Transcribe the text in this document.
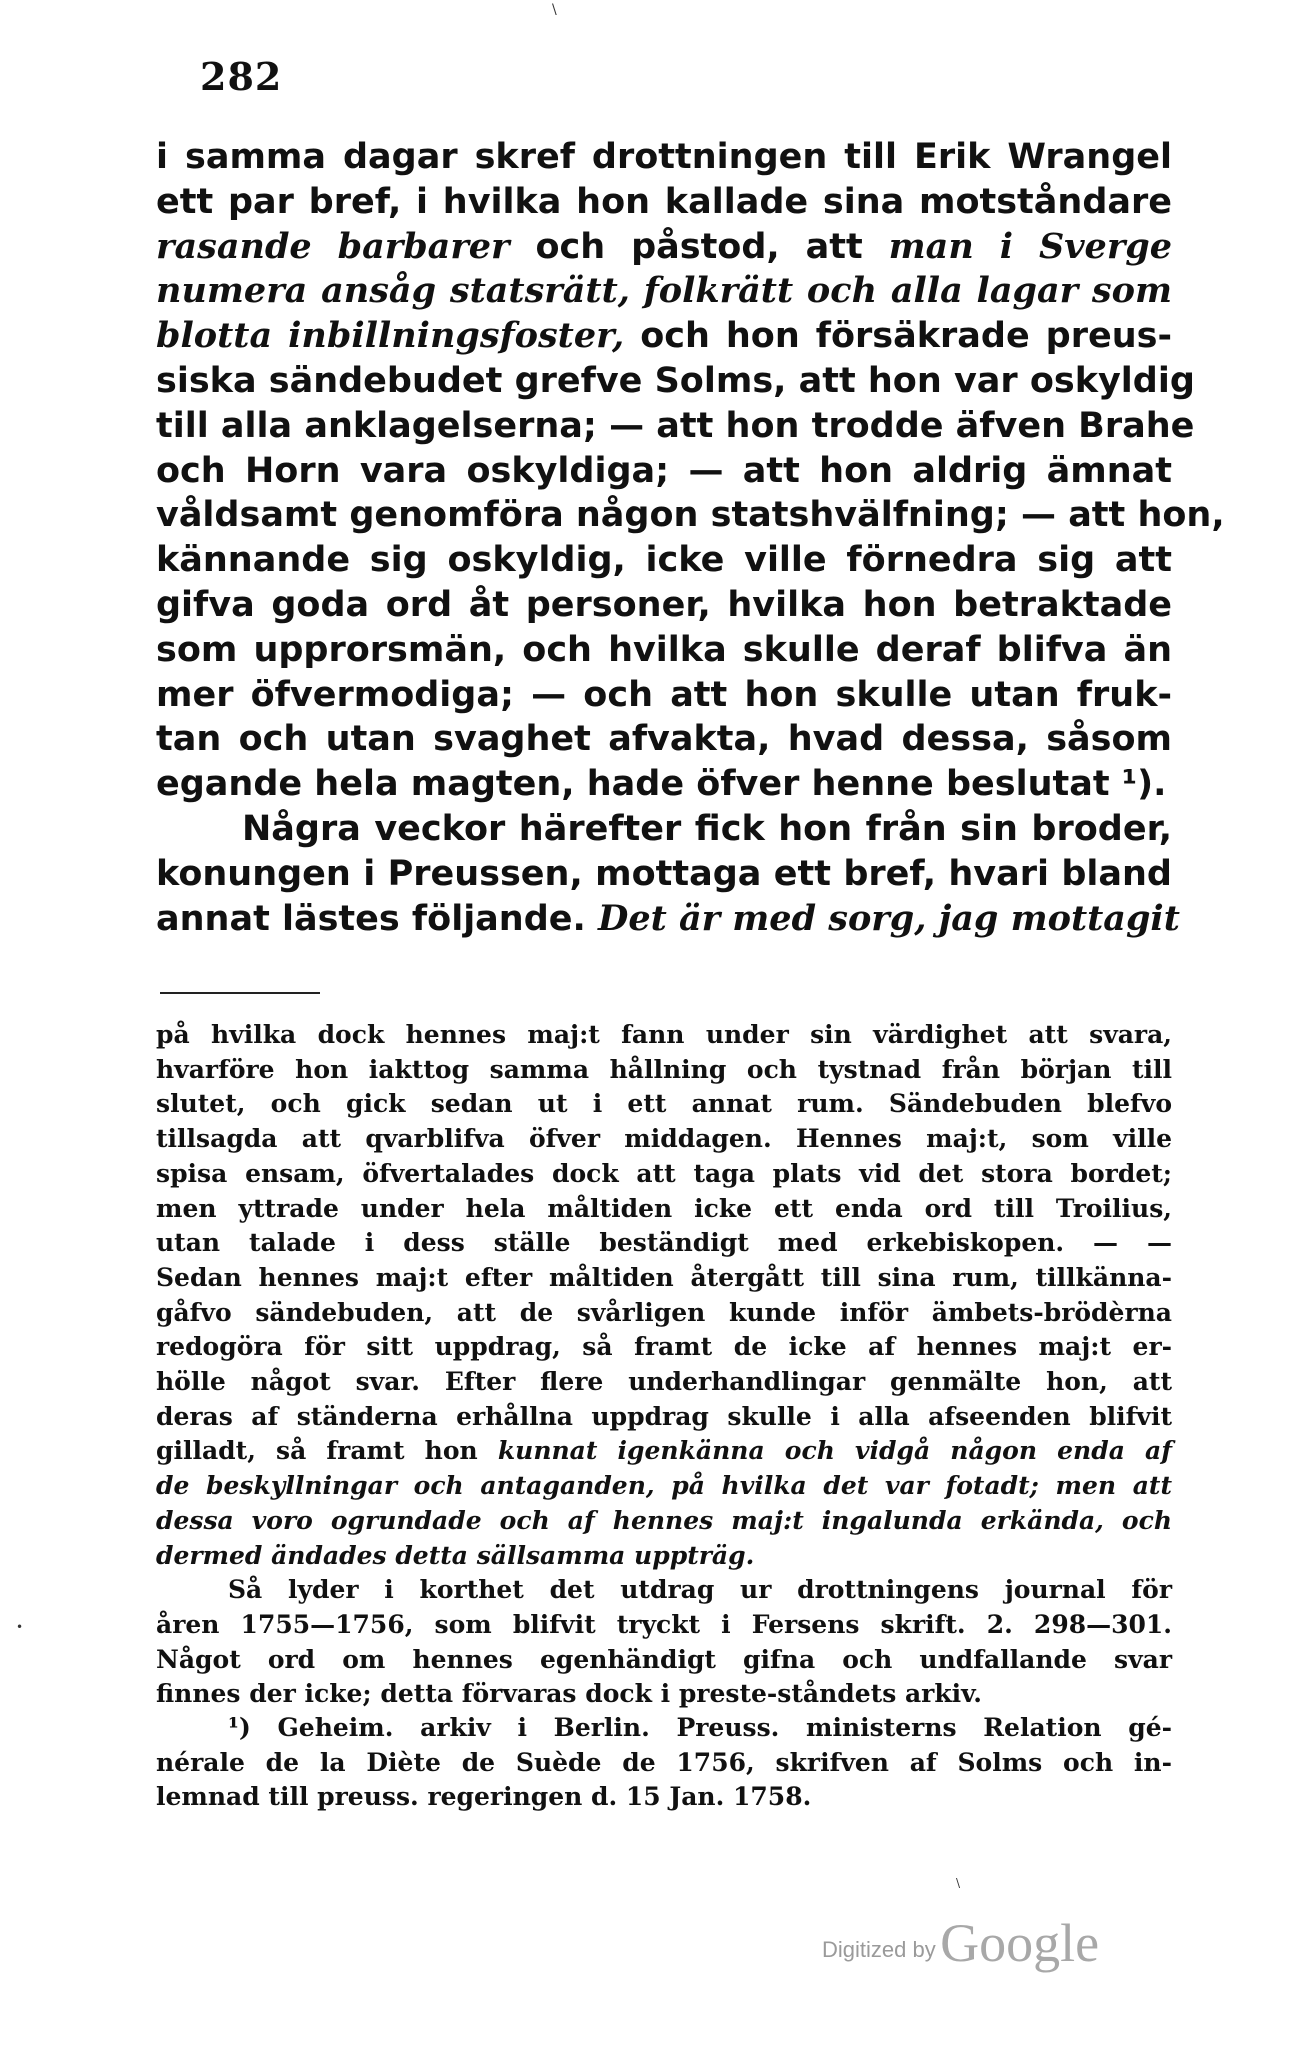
\
282
i samma dagar skref drottningen till Erik Wrangel
ett par bref, i hvilka hon kallade sina motståndare
rasande barbarer och påstod, att man i Sverge
numera ansåg statsrätt, folkrätt och alla lagar som
blotta inbillningsfoster, och hon försäkrade preus-
siska sändebudet grefve Solms, att hon var oskyldig
till alla anklagelserna; — att hon trodde äfven Brahe
och Horn vara oskyldiga; — att hon aldrig ämnat
våldsamt genomföra någon statshvälfning; — att hon,
kännande sig oskyldig, icke ville förnedra sig att
gifva goda ord åt personer, hvilka hon betraktade
som upprorsmän, och hvilka skulle deraf blifva än
mer öfvermodiga; — och att hon skulle utan fruk-
tan och utan svaghet afvakta, hvad dessa, såsom
egande hela magten, hade öfver henne beslutat ¹).
Några veckor härefter fick hon från sin broder,
konungen i Preussen, mottaga ett bref, hvari bland
annat lästes följande. Det är med sorg, jag mottagit
på hvilka dock hennes maj:t fann under sin värdighet att svara,
hvarföre hon iakttog samma hållning och tystnad från början till
slutet, och gick sedan ut i ett annat rum. Sändebuden blefvo
tillsagda att qvarblifva öfver middagen. Hennes maj:t, som ville
spisa ensam, öfvertalades dock att taga plats vid det stora bordet;
men yttrade under hela måltiden icke ett enda ord till Troilius,
utan talade i dess ställe beständigt med erkebiskopen. — —
Sedan hennes maj:t efter måltiden återgått till sina rum, tillkänna-
gåfvo sändebuden, att de svårligen kunde inför ämbets-brödèrna
redogöra för sitt uppdrag, så framt de icke af hennes maj:t er-
hölle något svar. Efter flere underhandlingar genmälte hon, att
deras af ständerna erhållna uppdrag skulle i alla afseenden blifvit
gilladt, så framt hon kunnat igenkänna och vidgå någon enda af
de beskyllningar och antaganden, på hvilka det var fotadt; men att
dessa voro ogrundade och af hennes maj:t ingalunda erkända, och
dermed ändades detta sällsamma uppträg.
Så lyder i korthet det utdrag ur drottningens journal för
åren 1755—1756, som blifvit tryckt i Fersens skrift. 2. 298—301.
Något ord om hennes egenhändigt gifna och undfallande svar
finnes der icke; detta förvaras dock i preste-ståndets arkiv.
¹) Geheim. arkiv i Berlin. Preuss. ministerns Relation gé-
nérale de la Diète de Suède de 1756, skrifven af Solms och in-
lemnad till preuss. regeringen d. 15 Jan. 1758.
•
\
Digitized by Google
